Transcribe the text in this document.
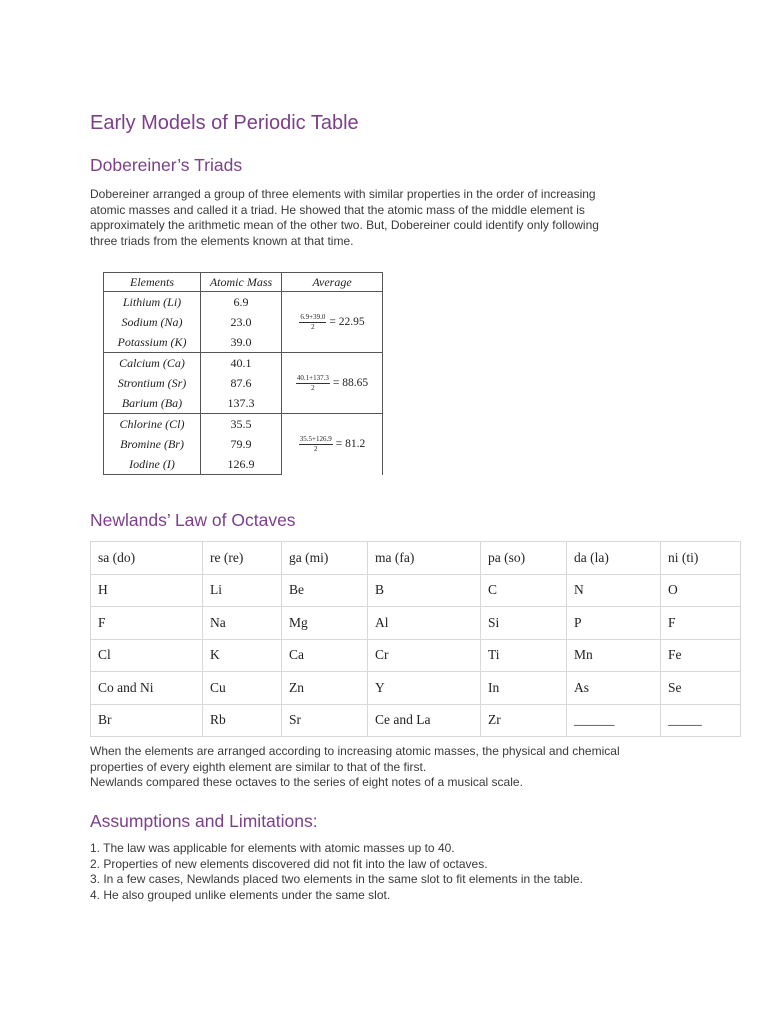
Early Models of Periodic Table
Dobereiner’s Triads
Dobereiner arranged a group of three elements with similar properties in the order of increasing
atomic masses and called it a triad. He showed that the atomic mass of the middle element is
approximately the arithmetic mean of the other two. But, Dobereiner could identify only following
three triads from the elements known at that time.
Elements	Atomic Mass	Average
Lithium (Li)	6.9	$\frac{6.9+39.0}{2} = 22.95$
Sodium (Na)	23.0	
Potassium (K)	39.0	
Calcium (Ca)	40.1	$\frac{40.1+137.3}{2} = 88.65$
Strontium (Sr)	87.6	
Barium (Ba)	137.3	
Chlorine (Cl)	35.5	$\frac{35.5+126.9}{2} = 81.2$
Bromine (Br)	79.9	
Iodine (I)	126.9	
Newlands’ Law of Octaves
sa (do)	re (re)	ga (mi)	ma (fa)	pa (so)	da (la)	ni (ti)
H	Li	Be	B	C	N	O
F	Na	Mg	Al	Si	P	F
Cl	K	Ca	Cr	Ti	Mn	Fe
Co and Ni	Cu	Zn	Y	In	As	Se
Br	Rb	Sr	Ce and La	Zr	______	_____
When the elements are arranged according to increasing atomic masses, the physical and chemical
properties of every eighth element are similar to that of the first.
Newlands compared these octaves to the series of eight notes of a musical scale.
Assumptions and Limitations:
1. The law was applicable for elements with atomic masses up to 40.
2. Properties of new elements discovered did not fit into the law of octaves.
3. In a few cases, Newlands placed two elements in the same slot to fit elements in the table.
4. He also grouped unlike elements under the same slot.
